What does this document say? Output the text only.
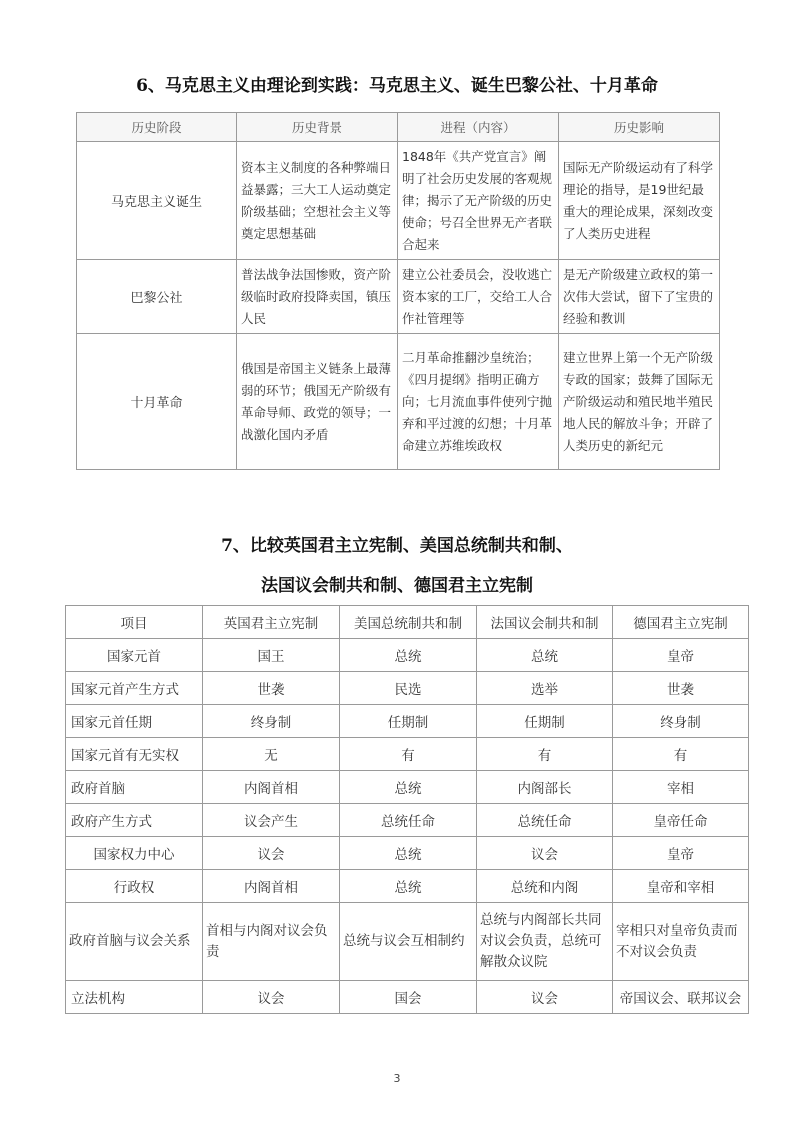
6、马克思主义由理论到实践：马克思主义、诞生巴黎公社、十月革命
历史阶段	历史背景	进程（内容）	历史影响
马克思主义诞生	资本主义制度的各种弊端日益暴露；三大工人运动奠定阶级基础；空想社会主义等奠定思想基础	1848年《共产党宣言》阐明了社会历史发展的客观规律；揭示了无产阶级的历史使命；号召全世界无产者联合起来	国际无产阶级运动有了科学理论的指导，是19世纪最重大的理论成果，深刻改变了人类历史进程
巴黎公社	普法战争法国惨败，资产阶级临时政府投降卖国，镇压人民	建立公社委员会，没收逃亡资本家的工厂，交给工人合作社管理等	是无产阶级建立政权的第一次伟大尝试，留下了宝贵的经验和教训
十月革命	俄国是帝国主义链条上最薄弱的环节；俄国无产阶级有革命导师、政党的领导；一战激化国内矛盾	二月革命推翻沙皇统治；《四月提纲》指明正确方向；七月流血事件使列宁抛弃和平过渡的幻想；十月革命建立苏维埃政权	建立世界上第一个无产阶级专政的国家；鼓舞了国际无产阶级运动和殖民地半殖民地人民的解放斗争；开辟了人类历史的新纪元
7、比较英国君主立宪制、美国总统制共和制、
法国议会制共和制、德国君主立宪制
项目	英国君主立宪制	美国总统制共和制	法国议会制共和制	德国君主立宪制
国家元首	国王	总统	总统	皇帝
国家元首产生方式	世袭	民选	选举	世袭
国家元首任期	终身制	任期制	任期制	终身制
国家元首有无实权	无	有	有	有
政府首脑	内阁首相	总统	内阁部长	宰相
政府产生方式	议会产生	总统任命	总统任命	皇帝任命
国家权力中心	议会	总统	议会	皇帝
行政权	内阁首相	总统	总统和内阁	皇帝和宰相
政府首脑与议会关系	首相与内阁对议会负责	总统与议会互相制约	总统与内阁部长共同对议会负责，总统可解散众议院	宰相只对皇帝负责而不对议会负责
立法机构	议会	国会	议会	帝国议会、联邦议会
3
